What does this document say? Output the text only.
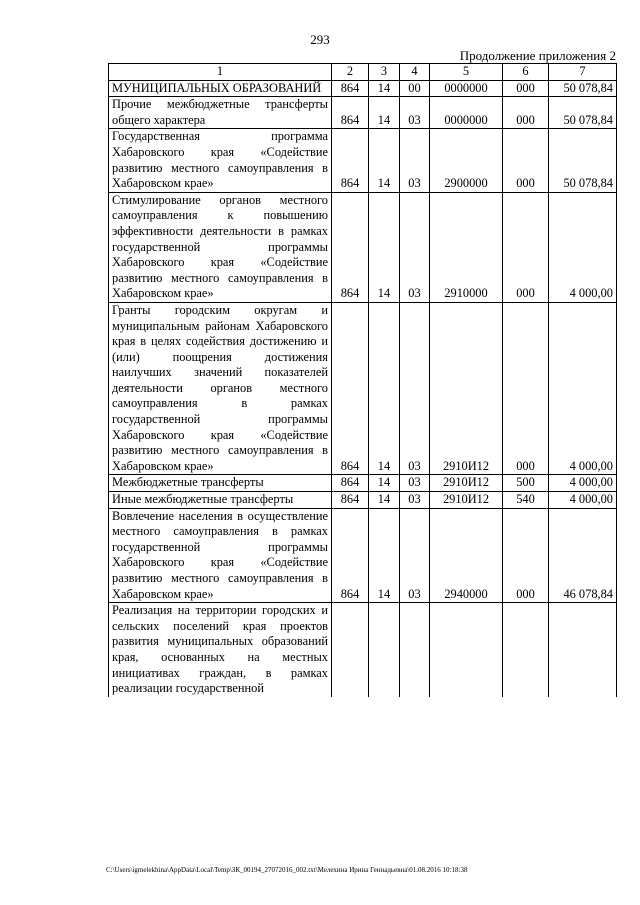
293
Продолжение приложения 2
1	2	3	4	5	6	7
МУНИЦИПАЛЬНЫХ ОБРАЗОВАНИЙ	864	14	00	0000000	000	50 078,84
Прочие межбюджетные трансферты общего характера	864	14	03	0000000	000	50 078,84
Государственная программа Хабаровского края «Содействие развитию местного самоуправления в Хабаровском крае»	864	14	03	2900000	000	50 078,84
Стимулирование органов местного самоуправления к повышению эффективности деятельности в рамках государственной программы Хабаровского края «Содействие развитию местного самоуправления в Хабаровском крае»	864	14	03	2910000	000	4 000,00
Гранты городским округам и муниципальным районам Хабаровского края в целях содействия достижению и (или) поощрения достижения наилучших значений показателей деятельности органов местного самоуправления в рамках государственной программы Хабаровского края «Содействие развитию местного самоуправления в Хабаровском крае»	864	14	03	2910И12	000	4 000,00
Межбюджетные трансферты	864	14	03	2910И12	500	4 000,00
Иные межбюджетные трансферты	864	14	03	2910И12	540	4 000,00
Вовлечение населения в осуществление местного самоуправления в рамках государственной программы Хабаровского края «Содействие развитию местного самоуправления в Хабаровском крае»	864	14	03	2940000	000	46 078,84
Реализация на территории городских и сельских поселений края проектов развития муниципальных образований края, основанных на местных инициативах граждан, в рамках реализации государственной						
C:\Users\igmelekhina\AppData\Local\Temp\ЗК_00194_27072016_002.txt\Мелехина Ирина Геннадьевна\01.08.2016 10:18:38
